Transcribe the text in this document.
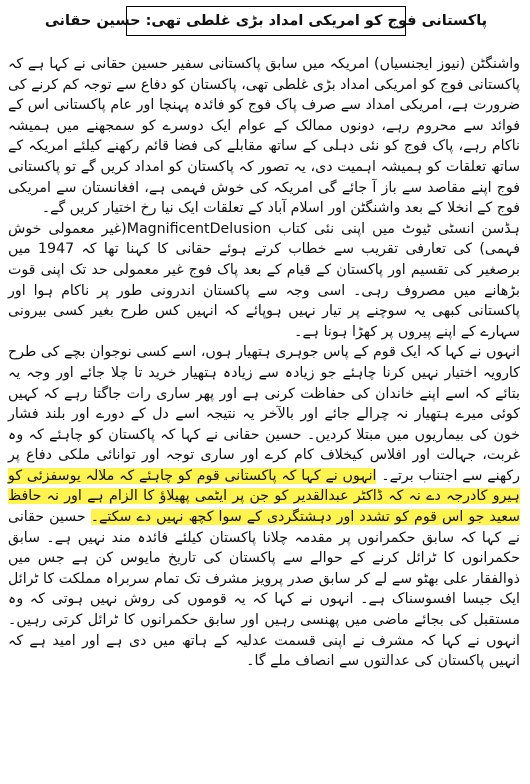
پاکستانی فوج کو امریکی امداد بڑی غلطی تھی: حسین حقانی

واشنگٹن (نیوز ایجنسیاں) امریکہ میں سابق پاکستانی سفیر حسین حقانی نے کہا ہے کہ پاکستانی فوج کو امریکی امداد بڑی غلطی تھی، پاکستان کو دفاع سے توجہ کم کرنے کی ضرورت ہے، امریکی امداد سے صرف پاک فوج کو فائدہ پہنچا اور عام پاکستانی اس کے فوائد سے محروم رہے، دونوں ممالک کے عوام ایک دوسرے کو سمجھنے میں ہمیشہ ناکام رہے، پاک فوج کو نئی دہلی کے ساتھ مقابلے کی فضا قائم رکھنے کیلئے امریکہ کے ساتھ تعلقات کو ہمیشہ اہمیت دی، یہ تصور کہ پاکستان کو امداد کریں گے تو پاکستانی فوج اپنے مقاصد سے باز آ جائے گی امریکہ کی خوش فہمی ہے، افغانستان سے امریکی فوج کے انخلا کے بعد واشنگٹن اور اسلام آباد کے تعلقات ایک نیا رخ اختیار کریں گے۔

ہڈسن انسٹی ٹیوٹ میں اپنی نئی کتاب MagnificentDelusion(غیر معمولی خوش فہمی) کی تعارفی تقریب سے خطاب کرتے ہوئے حقانی کا کہنا تھا کہ 1947 میں برصغیر کی تقسیم اور پاکستان کے قیام کے بعد پاک فوج غیر معمولی حد تک اپنی قوت بڑھانے میں مصروف رہی۔ اسی وجہ سے پاکستان اندرونی طور پر ناکام ہوا اور پاکستانی کبھی یہ سوچنے پر تیار نہیں ہوپائے کہ انہیں کس طرح بغیر کسی بیرونی سہارے کے اپنے پیروں پر کھڑا ہونا ہے۔

انہوں نے کہا کہ ایک قوم کے پاس جوہری ہتھیار ہوں، اسے کسی نوجوان بچے کی طرح کارویہ اختیار نہیں کرنا چاہئے جو زیادہ سے زیادہ ہتھیار خرید تا چلا جائے اور وجہ یہ بتائے کہ اسے اپنے خاندان کی حفاظت کرنی ہے اور پھر ساری رات جاگتا رہے کہ کہیں کوئی میرے ہتھیار نہ چرالے جائے اور بالآخر یہ نتیجہ اسے دل کے دورے اور بلند فشار خون کی بیماریوں میں مبتلا کردیں۔ حسین حقانی نے کہا کہ پاکستان کو چاہئے کہ وہ غربت، جہالت اور افلاس کیخلاف کام کرے اور ساری توجہ اور توانائی ملکی دفاع پر رکھنے سے اجتناب برتے۔ انہوں نے کہا کہ پاکستانی قوم کو چاہئے کہ ملالہ یوسفزئی کو ہیرو کادرجہ دے نہ کہ ڈاکٹر عبدالقدیر کو جن پر ایٹمی پھیلاؤ کا الزام ہے اور نہ حافظ سعید جو اس قوم کو تشدد اور دہشتگردی کے سوا کچھ نہیں دے سکتے۔ حسین حقانی نے کہا کہ سابق حکمرانوں پر مقدمہ چلانا پاکستان کیلئے فائدہ مند نہیں ہے۔ سابق حکمرانوں کا ٹرائل کرنے کے حوالے سے پاکستان کی تاریخ مایوس کن ہے جس میں ذوالفقار علی بھٹو سے لے کر سابق صدر پرویز مشرف تک تمام سربراہ مملکت کا ٹرائل ایک جیسا افسوسناک ہے۔ انہوں نے کہا کہ یہ قوموں کی روش نہیں ہوتی کہ وہ مستقبل کی بجائے ماضی میں پھنسی رہیں اور سابق حکمرانوں کا ٹرائل کرتی رہیں۔ انہوں نے کہا کہ مشرف نے اپنی قسمت عدلیہ کے ہاتھ میں دی ہے اور امید ہے کہ انہیں پاکستان کی عدالتوں سے انصاف ملے گا۔
